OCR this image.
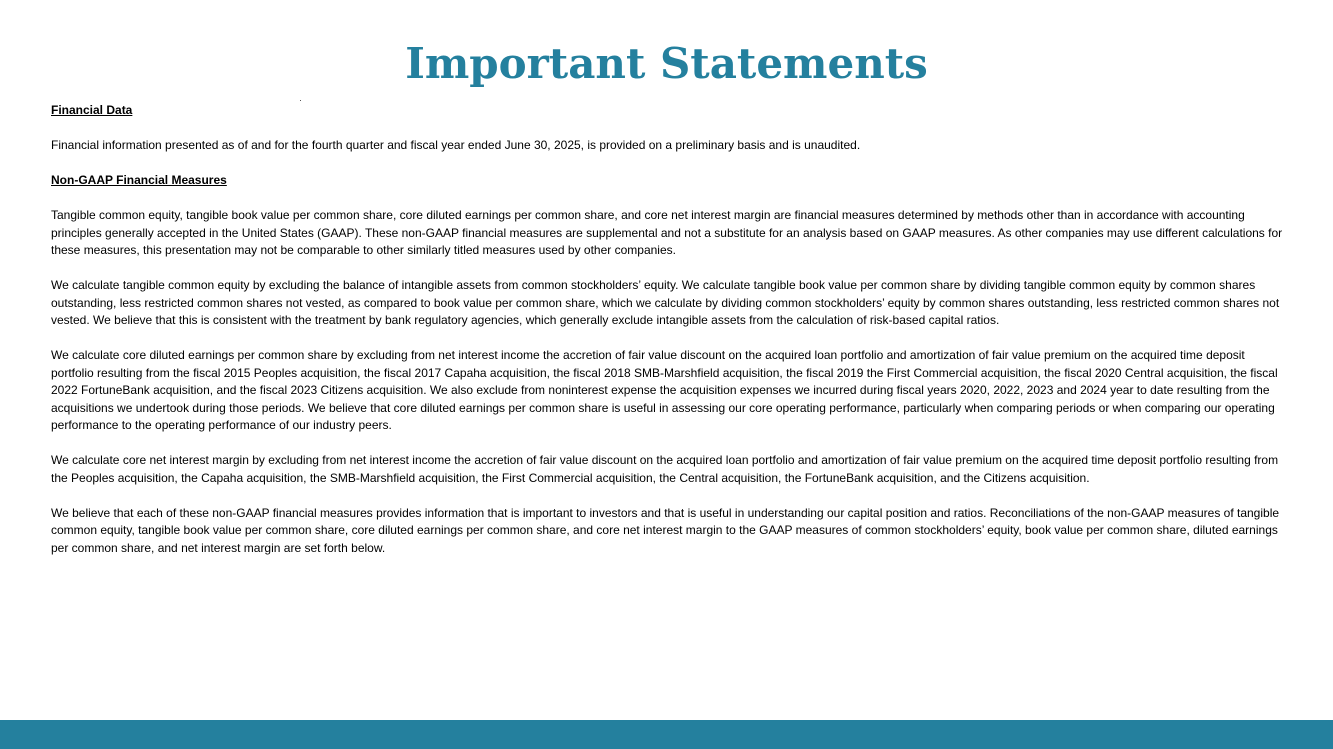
Important Statements
Financial Data

Financial information presented as of and for the fourth quarter and fiscal year ended June 30, 2025, is provided on a preliminary basis and is unaudited.

Non-GAAP Financial Measures

Tangible common equity, tangible book value per common share, core diluted earnings per common share, and core net interest margin are financial measures determined by methods other than in accordance with accounting principles generally accepted in the United States (GAAP). These non-GAAP financial measures are supplemental and not a substitute for an analysis based on GAAP measures. As other companies may use different calculations for these measures, this presentation may not be comparable to other similarly titled measures used by other companies.

We calculate tangible common equity by excluding the balance of intangible assets from common stockholders’ equity. We calculate tangible book value per common share by dividing tangible common equity by common shares outstanding, less restricted common shares not vested, as compared to book value per common share, which we calculate by dividing common stockholders’ equity by common shares outstanding, less restricted common shares not vested. We believe that this is consistent with the treatment by bank regulatory agencies, which generally exclude intangible assets from the calculation of risk-based capital ratios.

We calculate core diluted earnings per common share by excluding from net interest income the accretion of fair value discount on the acquired loan portfolio and amortization of fair value premium on the acquired time deposit portfolio resulting from the fiscal 2015 Peoples acquisition, the fiscal 2017 Capaha acquisition, the fiscal 2018 SMB-Marshfield acquisition, the fiscal 2019 the First Commercial acquisition, the fiscal 2020 Central acquisition, the fiscal 2022 FortuneBank acquisition, and the fiscal 2023 Citizens acquisition. We also exclude from noninterest expense the acquisition expenses we incurred during fiscal years 2020, 2022, 2023 and 2024 year to date resulting from the acquisitions we undertook during those periods. We believe that core diluted earnings per common share is useful in assessing our core operating performance, particularly when comparing periods or when comparing our operating performance to the operating performance of our industry peers.

We calculate core net interest margin by excluding from net interest income the accretion of fair value discount on the acquired loan portfolio and amortization of fair value premium on the acquired time deposit portfolio resulting from the Peoples acquisition, the Capaha acquisition, the SMB-Marshfield acquisition, the First Commercial acquisition, the Central acquisition, the FortuneBank acquisition, and the Citizens acquisition.

We believe that each of these non-GAAP financial measures provides information that is important to investors and that is useful in understanding our capital position and ratios. Reconciliations of the non-GAAP measures of tangible common equity, tangible book value per common share, core diluted earnings per common share, and core net interest margin to the GAAP measures of common stockholders’ equity, book value per common share, diluted earnings per common share, and net interest margin are set forth below.
